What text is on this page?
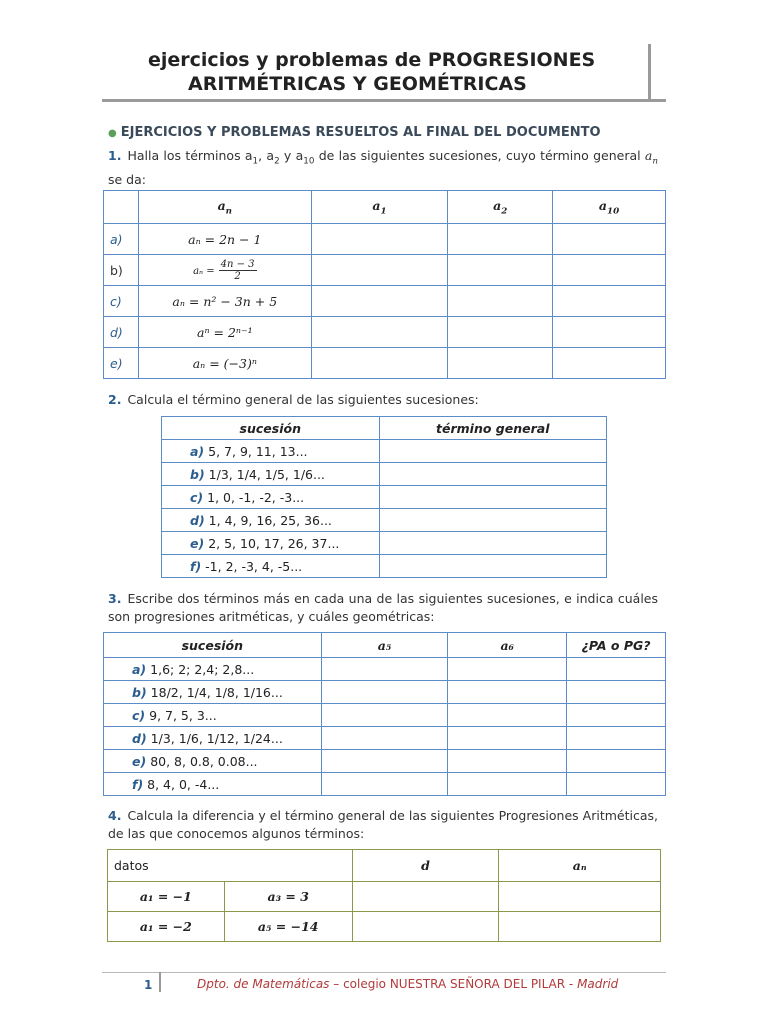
ejercicios y problemas de PROGRESIONES
ARITMÉTRICAS Y GEOMÉTRICAS
● EJERCICIOS Y PROBLEMAS RESUELTOS AL FINAL DEL DOCUMENTO
1. Halla los términos $a_1$, $a_2$ y $a_{10}$ de las siguientes sucesiones, cuyo término general $a_n$ se da:
	$a_n$	$a_1$	$a_2$	$a_{10}$
a)	aₙ = 2n − 1			
b)	$a_n = \frac{4n - 3}{2}$

c)	aₙ = n² − 3n + 5			
d)	aⁿ = 2ⁿ⁻¹			
e)	aₙ = (−3)ⁿ			
2. Calcula el término general de las siguientes sucesiones:
sucesión	término general
a) 5, 7, 9, 11, 13...	
b) 1/3, 1/4, 1/5, 1/6...	
c) 1, 0, -1, -2, -3...	
d) 1, 4, 9, 16, 25, 36...	
e) 2, 5, 10, 17, 26, 37...	
f) -1, 2, -3, 4, -5...	
3. Escribe dos términos más en cada una de las siguientes sucesiones, e indica cuáles son progresiones aritméticas, y cuáles geométricas:
sucesión	a₅	a₆	¿PA o PG?
a) 1,6; 2; 2,4; 2,8...			
b) 18/2, 1/4, 1/8, 1/16...			
c) 9, 7, 5, 3...			
d) 1/3, 1/6, 1/12, 1/24...			
e) 80, 8, 0.8, 0.08...			
f) 8, 4, 0, -4...			
4. Calcula la diferencia y el término general de las siguientes Progresiones Aritméticas, de las que conocemos algunos términos:
datos		d	aₙ
a₁ = −1	a₃ = 3		
a₁ = −2	a₅ = −14		
1	Dpto. de Matemáticas – colegio NUESTRA SEÑORA DEL PILAR - Madrid
